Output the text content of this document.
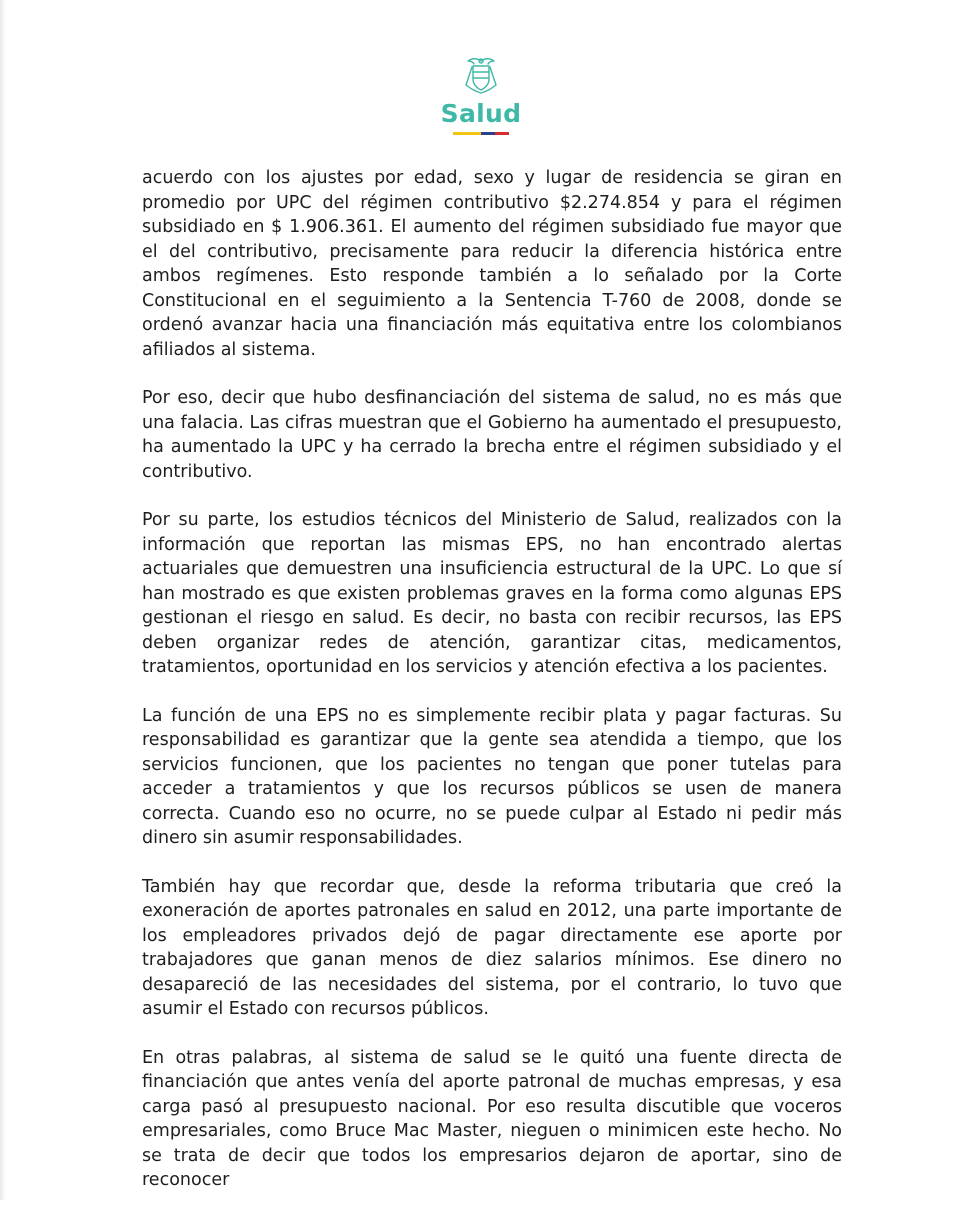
Salud

acuerdo con los ajustes por edad, sexo y lugar de residencia se giran en promedio por UPC del régimen contributivo $2.274.854 y para el régimen subsidiado en $ 1.906.361. El aumento del régimen subsidiado fue mayor que el del contributivo, precisamente para reducir la diferencia histórica entre ambos regímenes. Esto responde también a lo señalado por la Corte Constitucional en el seguimiento a la Sentencia T-760 de 2008, donde se ordenó avanzar hacia una financiación más equitativa entre los colombianos afiliados al sistema.

Por eso, decir que hubo desfinanciación del sistema de salud, no es más que una falacia. Las cifras muestran que el Gobierno ha aumentado el presupuesto, ha aumentado la UPC y ha cerrado la brecha entre el régimen subsidiado y el contributivo.

Por su parte, los estudios técnicos del Ministerio de Salud, realizados con la información que reportan las mismas EPS, no han encontrado alertas actuariales que demuestren una insuficiencia estructural de la UPC. Lo que sí han mostrado es que existen problemas graves en la forma como algunas EPS gestionan el riesgo en salud. Es decir, no basta con recibir recursos, las EPS deben organizar redes de atención, garantizar citas, medicamentos, tratamientos, oportunidad en los servicios y atención efectiva a los pacientes.

La función de una EPS no es simplemente recibir plata y pagar facturas. Su responsabilidad es garantizar que la gente sea atendida a tiempo, que los servicios funcionen, que los pacientes no tengan que poner tutelas para acceder a tratamientos y que los recursos públicos se usen de manera correcta. Cuando eso no ocurre, no se puede culpar al Estado ni pedir más dinero sin asumir responsabilidades.

También hay que recordar que, desde la reforma tributaria que creó la exoneración de aportes patronales en salud en 2012, una parte importante de los empleadores privados dejó de pagar directamente ese aporte por trabajadores que ganan menos de diez salarios mínimos. Ese dinero no desapareció de las necesidades del sistema, por el contrario, lo tuvo que asumir el Estado con recursos públicos.

En otras palabras, al sistema de salud se le quitó una fuente directa de financiación que antes venía del aporte patronal de muchas empresas, y esa carga pasó al presupuesto nacional. Por eso resulta discutible que voceros empresariales, como Bruce Mac Master, nieguen o minimicen este hecho. No se trata de decir que todos los empresarios dejaron de aportar, sino de reconocer
